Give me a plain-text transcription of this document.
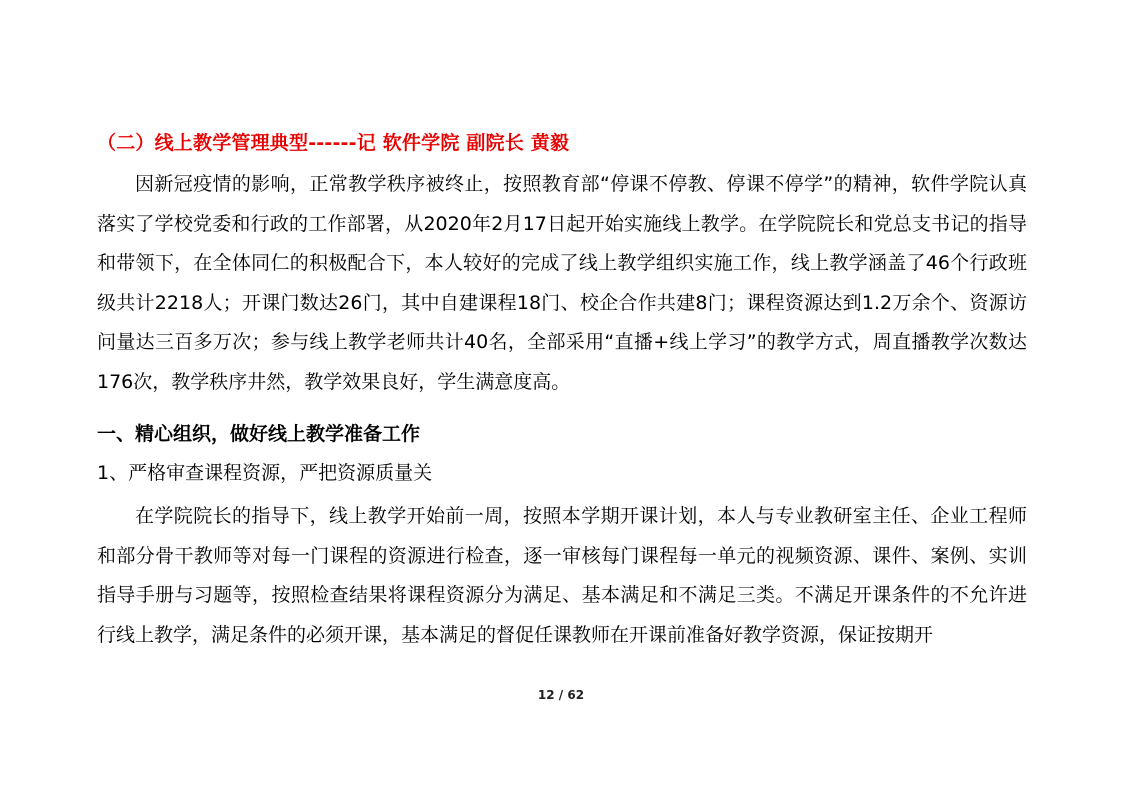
（二）线上教学管理典型------记 软件学院 副院长 黄毅

因新冠疫情的影响，正常教学秩序被终止，按照教育部“停课不停教、停课不停学”的精神，软件学院认真落实了学校党委和行政的工作部署，从2020年2月17日起开始实施线上教学。在学院院长和党总支书记的指导和带领下，在全体同仁的积极配合下，本人较好的完成了线上教学组织实施工作，线上教学涵盖了46个行政班级共计2218人；开课门数达26门，其中自建课程18门、校企合作共建8门；课程资源达到1.2万余个、资源访问量达三百多万次；参与线上教学老师共计40名，全部采用“直播+线上学习”的教学方式，周直播教学次数达176次，教学秩序井然，教学效果良好，学生满意度高。

一、精心组织，做好线上教学准备工作
1、严格审查课程资源，严把资源质量关

在学院院长的指导下，线上教学开始前一周，按照本学期开课计划，本人与专业教研室主任、企业工程师和部分骨干教师等对每一门课程的资源进行检查，逐一审核每门课程每一单元的视频资源、课件、案例、实训指导手册与习题等，按照检查结果将课程资源分为满足、基本满足和不满足三类。不满足开课条件的不允许进行线上教学，满足条件的必须开课，基本满足的督促任课教师在开课前准备好教学资源，保证按期开

12 / 62
